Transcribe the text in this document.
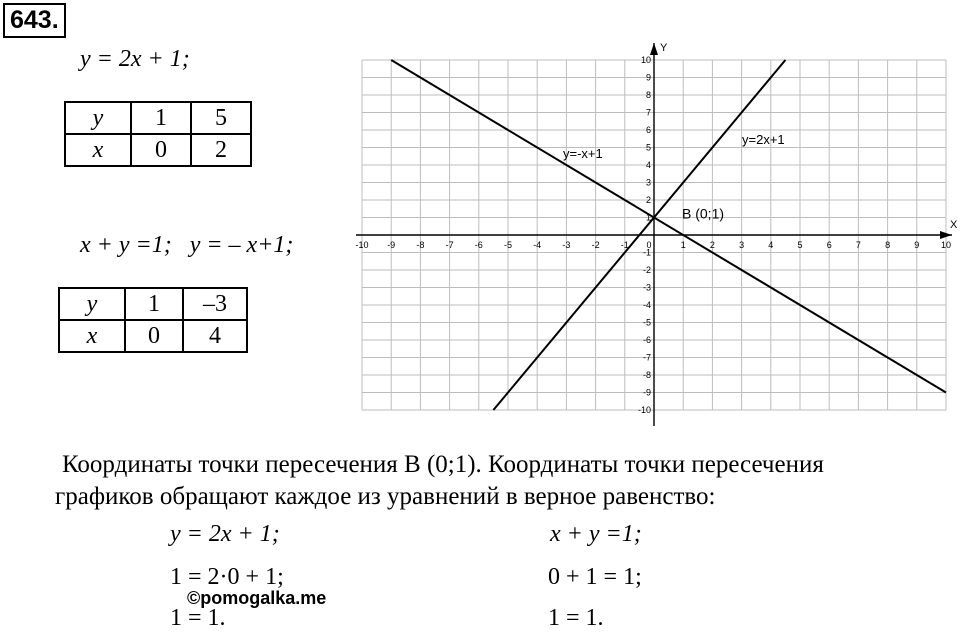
643.
y = 2x + 1;
y	1	5
x	0	2
x + y =1;   y = – x+1;
y	1	–3
x	0	4
X
Y
-10 -9 -8 -7 -6 -5 -4 -3 -2 -1 0	1	2	3	4	5	6	7	8	9 10
10
9
8
7
6
5
4
3
2
1
-1
-2
-3
-4
-5
-6
-7
-8
-9
-10
y=2x+1
y=-x+1
B (0;1)
Координаты точки пересечения В (0;1). Координаты точки пересечения
графиков обращают каждое из уравнений в верное равенство:
y = 2x + 1;
1 = 2·0 + 1;
1 = 1.
x + y =1;
0 + 1 = 1;
1 = 1.
©pomogalka.me
